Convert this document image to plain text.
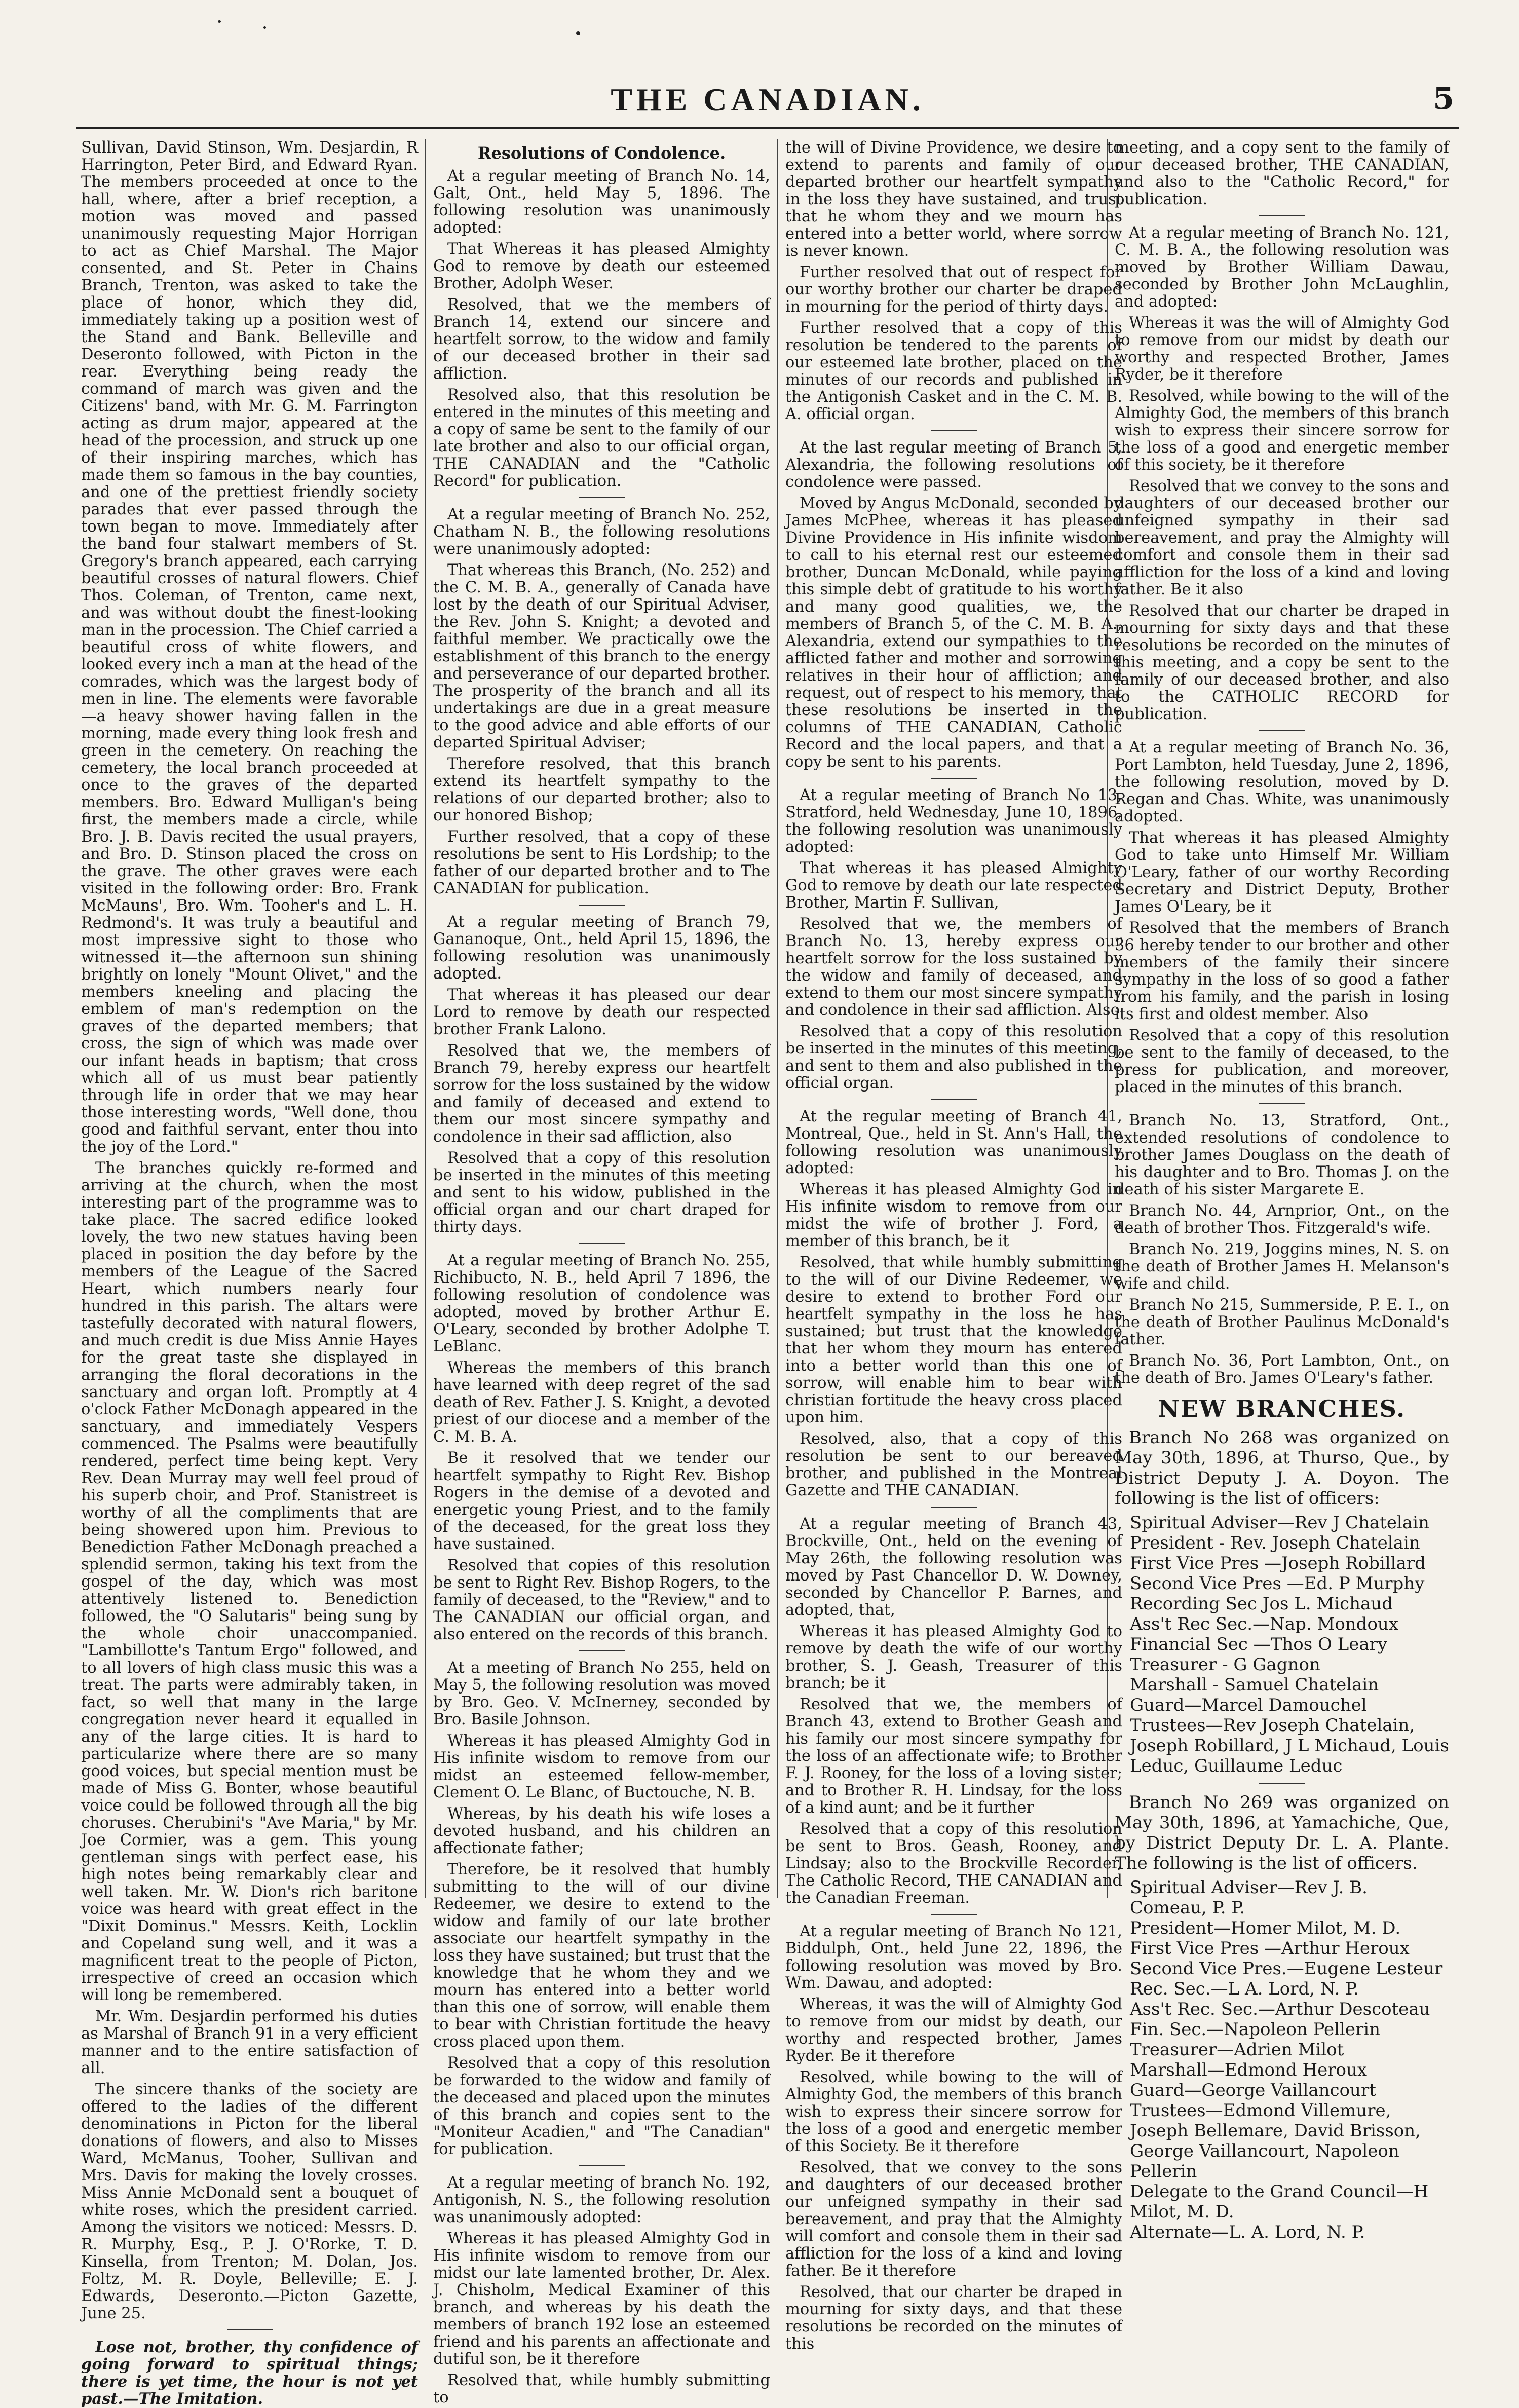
THE CANADIAN.	5

Sullivan, David Stinson, Wm. Desjardin, R Harrington, Peter Bird, and Edward Ryan. The members proceeded at once to the hall, where, after a brief reception, a motion was moved and passed unanimously requesting Major Horrigan to act as Chief Marshal. The Major consented, and St. Peter in Chains Branch, Trenton, was asked to take the place of honor, which they did, immediately taking up a position west of the Stand and Bank. Belleville and Deseronto followed, with Picton in the rear. Everything being ready the command of march was given and the Citizens' band, with Mr. G. M. Farrington acting as drum major, appeared at the head of the procession, and struck up one of their inspiring marches, which has made them so famous in the bay counties, and one of the prettiest friendly society parades that ever passed through the town began to move. Immediately after the band four stalwart members of St. Gregory's branch appeared, each carrying beautiful crosses of natural flowers. Chief Thos. Coleman, of Trenton, came next, and was without doubt the finest-looking man in the procession. The Chief carried a beautiful cross of white flowers, and looked every inch a man at the head of the comrades, which was the largest body of men in line. The elements were favorable—a heavy shower having fallen in the morning, made every thing look fresh and green in the cemetery. On reaching the cemetery, the local branch proceeded at once to the graves of the departed members. Bro. Edward Mulligan's being first, the members made a circle, while Bro. J. B. Davis recited the usual prayers, and Bro. D. Stinson placed the cross on the grave. The other graves were each visited in the following order: Bro. Frank McMauns', Bro. Wm. Tooher's and L. H. Redmond's. It was truly a beautiful and most impressive sight to those who witnessed it—the afternoon sun shining brightly on lonely "Mount Olivet," and the members kneeling and placing the emblem of man's redemption on the graves of the departed members; that cross, the sign of which was made over our infant heads in baptism; that cross which all of us must bear patiently through life in order that we may hear those interesting words, "Well done, thou good and faithful servant, enter thou into the joy of the Lord."

The branches quickly re-formed and arriving at the church, when the most interesting part of the programme was to take place. The sacred edifice looked lovely, the two new statues having been placed in position the day before by the members of the League of the Sacred Heart, which numbers nearly four hundred in this parish. The altars were tastefully decorated with natural flowers, and much credit is due Miss Annie Hayes for the great taste she displayed in arranging the floral decorations in the sanctuary and organ loft. Promptly at 4 o'clock Father McDonagh appeared in the sanctuary, and immediately Vespers commenced. The Psalms were beautifully rendered, perfect time being kept. Very Rev. Dean Murray may well feel proud of his superb choir, and Prof. Stanistreet is worthy of all the compliments that are being showered upon him. Previous to Benediction Father McDonagh preached a splendid sermon, taking his text from the gospel of the day, which was most attentively listened to. Benediction followed, the "O Salutaris" being sung by the whole choir unaccompanied. "Lambillotte's Tantum Ergo" followed, and to all lovers of high class music this was a treat. The parts were admirably taken, in fact, so well that many in the large congregation never heard it equalled in any of the large cities. It is hard to particularize where there are so many good voices, but special mention must be made of Miss G. Bonter, whose beautiful voice could be followed through all the big choruses. Cherubini's "Ave Maria," by Mr. Joe Cormier, was a gem. This young gentleman sings with perfect ease, his high notes being remarkably clear and well taken. Mr. W. Dion's rich baritone voice was heard with great effect in the "Dixit Dominus." Messrs. Keith, Locklin and Copeland sung well, and it was a magnificent treat to the people of Picton, irrespective of creed an occasion which will long be remembered.

Mr. Wm. Desjardin performed his duties as Marshal of Branch 91 in a very efficient manner and to the entire satisfaction of all.

The sincere thanks of the society are offered to the ladies of the different denominations in Picton for the liberal donations of flowers, and also to Misses Ward, McManus, Tooher, Sullivan and Mrs. Davis for making the lovely crosses. Miss Annie McDonald sent a bouquet of white roses, which the president carried. Among the visitors we noticed: Messrs. D. R. Murphy, Esq., P. J. O'Rorke, T. D. Kinsella, from Trenton; M. Dolan, Jos. Foltz, M. R. Doyle, Belleville; E. J. Edwards, Deseronto.—Picton Gazette, June 25.

Lose not, brother, thy confidence of going forward to spiritual things; there is yet time, the hour is not yet past.—The Imitation.

Resolutions of Condolence.

At a regular meeting of Branch No. 14, Galt, Ont., held May 5, 1896. The following resolution was unanimously adopted:

That Whereas it has pleased Almighty God to remove by death our esteemed Brother, Adolph Weser.

Resolved, that we the members of Branch 14, extend our sincere and heartfelt sorrow, to the widow and family of our deceased brother in their sad affliction.

Resolved also, that this resolution be entered in the minutes of this meeting and a copy of same be sent to the family of our late brother and also to our official organ, THE CANADIAN and the "Catholic Record" for publication.

At a regular meeting of Branch No. 252, Chatham N. B., the following resolutions were unanimously adopted:

That whereas this Branch, (No. 252) and the C. M. B. A., generally of Canada have lost by the death of our Spiritual Adviser, the Rev. John S. Knight; a devoted and faithful member. We practically owe the establishment of this branch to the energy and perseverance of our departed brother. The prosperity of the branch and all its undertakings are due in a great measure to the good advice and able efforts of our departed Spiritual Adviser;

Therefore resolved, that this branch extend its heartfelt sympathy to the relations of our departed brother; also to our honored Bishop;

Further resolved, that a copy of these resolutions be sent to His Lordship; to the father of our departed brother and to The CANADIAN for publication.

At a regular meeting of Branch 79, Gananoque, Ont., held April 15, 1896, the following resolution was unanimously adopted.

That whereas it has pleased our dear Lord to remove by death our respected brother Frank Lalono.

Resolved that we, the members of Branch 79, hereby express our heartfelt sorrow for the loss sustained by the widow and family of deceased and extend to them our most sincere sympathy and condolence in their sad affliction, also

Resolved that a copy of this resolution be inserted in the minutes of this meeting and sent to his widow, published in the official organ and our chart draped for thirty days.

At a regular meeting of Branch No. 255, Richibucto, N. B., held April 7 1896, the following resolution of condolence was adopted, moved by brother Arthur E. O'Leary, seconded by brother Adolphe T. LeBlanc.

Whereas the members of this branch have learned with deep regret of the sad death of Rev. Father J. S. Knight, a devoted priest of our diocese and a member of the C. M. B. A.

Be it resolved that we tender our heartfelt sympathy to Right Rev. Bishop Rogers in the demise of a devoted and energetic young Priest, and to the family of the deceased, for the great loss they have sustained.

Resolved that copies of this resolution be sent to Right Rev. Bishop Rogers, to the family of deceased, to the "Review," and to The CANADIAN our official organ, and also entered on the records of this branch.

At a meeting of Branch No 255, held on May 5, the following resolution was moved by Bro. Geo. V. McInerney, seconded by Bro. Basile Johnson.

Whereas it has pleased Almighty God in His infinite wisdom to remove from our midst an esteemed fellow-member, Clement O. Le Blanc, of Buctouche, N. B.

Whereas, by his death his wife loses a devoted husband, and his children an affectionate father;

Therefore, be it resolved that humbly submitting to the will of our divine Redeemer, we desire to extend to the widow and family of our late brother associate our heartfelt sympathy in the loss they have sustained; but trust that the knowledge that he whom they and we mourn has entered into a better world than this one of sorrow, will enable them to bear with Christian fortitude the heavy cross placed upon them.

Resolved that a copy of this resolution be forwarded to the widow and family of the deceased and placed upon the minutes of this branch and copies sent to the "Moniteur Acadien," and "The Canadian" for publication.

At a regular meeting of branch No. 192, Antigonish, N. S., the following resolution was unanimously adopted:

Whereas it has pleased Almighty God in His infinite wisdom to remove from our midst our late lamented brother, Dr. Alex. J. Chisholm, Medical Examiner of this branch, and whereas by his death the members of branch 192 lose an esteemed friend and his parents an affectionate and dutiful son, be it therefore

Resolved that, while humbly submitting to

the will of Divine Providence, we desire to extend to parents and family of our departed brother our heartfelt sympathy in the loss they have sustained, and trust that he whom they and we mourn has entered into a better world, where sorrow is never known.

Further resolved that out of respect for our worthy brother our charter be draped in mourning for the period of thirty days.

Further resolved that a copy of this resolution be tendered to the parents of our esteemed late brother, placed on the minutes of our records and published in the Antigonish Casket and in the C. M. B. A. official organ.

At the last regular meeting of Branch 5, Alexandria, the following resolutions of condolence were passed.

Moved by Angus McDonald, seconded by James McPhee, whereas it has pleased Divine Providence in His infinite wisdom to call to his eternal rest our esteemed brother, Duncan McDonald, while paying this simple debt of gratitude to his worthy and many good qualities, we, the members of Branch 5, of the C. M. B. A., Alexandria, extend our sympathies to the afflicted father and mother and sorrowing relatives in their hour of affliction; and request, out of respect to his memory, that these resolutions be inserted in the columns of THE CANADIAN, Catholic Record and the local papers, and that a copy be sent to his parents.

At a regular meeting of Branch No 13, Stratford, held Wednesday, June 10, 1896, the following resolution was unanimously adopted:

That whereas it has pleased Almighty God to remove by death our late respected Brother, Martin F. Sullivan,

Resolved that we, the members of Branch No. 13, hereby express our heartfelt sorrow for the loss sustained by the widow and family of deceased, and extend to them our most sincere sympathy and condolence in their sad affliction. Also

Resolved that a copy of this resolution be inserted in the minutes of this meeting, and sent to them and also published in the official organ.

At the regular meeting of Branch 41, Montreal, Que., held in St. Ann's Hall, the following resolution was unanimously adopted:

Whereas it has pleased Almighty God in His infinite wisdom to remove from our midst the wife of brother J. Ford, a member of this branch, be it

Resolved, that while humbly submitting to the will of our Divine Redeemer, we desire to extend to brother Ford our heartfelt sympathy in the loss he has sustained; but trust that the knowledge that her whom they mourn has entered into a better world than this one of sorrow, will enable him to bear with christian fortitude the heavy cross placed upon him.

Resolved, also, that a copy of this resolution be sent to our bereaved brother, and published in the Montreal Gazette and THE CANADIAN.

At a regular meeting of Branch 43, Brockville, Ont., held on the evening of May 26th, the following resolution was moved by Past Chancellor D. W. Downey, seconded by Chancellor P. Barnes, and adopted, that,

Whereas it has pleased Almighty God to remove by death the wife of our worthy brother, S. J. Geash, Treasurer of this branch; be it

Resolved that we, the members of Branch 43, extend to Brother Geash and his family our most sincere sympathy for the loss of an affectionate wife; to Brother F. J. Rooney, for the loss of a loving sister; and to Brother R. H. Lindsay, for the loss of a kind aunt; and be it further

Resolved that a copy of this resolution be sent to Bros. Geash, Rooney, and Lindsay; also to the Brockville Recorder, The Catholic Record, THE CANADIAN and the Canadian Freeman.

At a regular meeting of Branch No 121, Biddulph, Ont., held June 22, 1896, the following resolution was moved by Bro. Wm. Dawau, and adopted:

Whereas, it was the will of Almighty God to remove from our midst by death, our worthy and respected brother, James Ryder. Be it therefore

Resolved, while bowing to the will of Almighty God, the members of this branch wish to express their sincere sorrow for the loss of a good and energetic member of this Society. Be it therefore

Resolved, that we convey to the sons and daughters of our deceased brother our unfeigned sympathy in their sad bereavement, and pray that the Almighty will comfort and console them in their sad affliction for the loss of a kind and loving father. Be it therefore

Resolved, that our charter be draped in mourning for sixty days, and that these resolutions be recorded on the minutes of this

meeting, and a copy sent to the family of our deceased brother, THE CANADIAN, and also to the "Catholic Record," for publication.

At a regular meeting of Branch No. 121, C. M. B. A., the following resolution was moved by Brother William Dawau, seconded by Brother John McLaughlin, and adopted:

Whereas it was the will of Almighty God to remove from our midst by death our worthy and respected Brother, James Ryder, be it therefore

Resolved, while bowing to the will of the Almighty God, the members of this branch wish to express their sincere sorrow for the loss of a good and energetic member of this society, be it therefore

Resolved that we convey to the sons and daughters of our deceased brother our unfeigned sympathy in their sad bereavement, and pray the Almighty will comfort and console them in their sad affliction for the loss of a kind and loving father. Be it also

Resolved that our charter be draped in mourning for sixty days and that these resolutions be recorded on the minutes of this meeting, and a copy be sent to the family of our deceased brother, and also to the CATHOLIC RECORD for publication.

At a regular meeting of Branch No. 36, Port Lambton, held Tuesday, June 2, 1896, the following resolution, moved by D. Regan and Chas. White, was unanimously adopted.

That whereas it has pleased Almighty God to take unto Himself Mr. William O'Leary, father of our worthy Recording Secretary and District Deputy, Brother James O'Leary, be it

Resolved that the members of Branch 36 hereby tender to our brother and other members of the family their sincere sympathy in the loss of so good a father from his family, and the parish in losing its first and oldest member. Also

Resolved that a copy of this resolution be sent to the family of deceased, to the press for publication, and moreover, placed in the minutes of this branch.

Branch No. 13, Stratford, Ont., extended resolutions of condolence to brother James Douglass on the death of his daughter and to Bro. Thomas J. on the death of his sister Margarete E.

Branch No. 44, Arnprior, Ont., on the death of brother Thos. Fitzgerald's wife.

Branch No. 219, Joggins mines, N. S. on the death of Brother James H. Melanson's wife and child.

Branch No 215, Summerside, P. E. I., on the death of Brother Paulinus McDonald's father.

Branch No. 36, Port Lambton, Ont., on the death of Bro. James O'Leary's father.

NEW BRANCHES.

Branch No 268 was organized on May 30th, 1896, at Thurso, Que., by District Deputy J. A. Doyon. The following is the list of officers:

Spiritual Adviser—Rev J Chatelain
President - Rev. Joseph Chatelain
First Vice Pres —Joseph Robillard
Second Vice Pres —Ed. P Murphy
Recording Sec Jos L. Michaud
Ass't Rec Sec.—Nap. Mondoux
Financial Sec —Thos O Leary
Treasurer - G Gagnon
Marshall - Samuel Chatelain
Guard—Marcel Damouchel
Trustees—Rev Joseph Chatelain, Joseph Robillard, J L Michaud, Louis Leduc, Guillaume Leduc

Branch No 269 was organized on May 30th, 1896, at Yamachiche, Que, by District Deputy Dr. L. A. Plante. The following is the list of officers.

Spiritual Adviser—Rev J. B. Comeau, P. P.
President—Homer Milot, M. D.
First Vice Pres —Arthur Heroux
Second Vice Pres.—Eugene Lesteur
Rec. Sec.—L A. Lord, N. P.
Ass't Rec. Sec.—Arthur Descoteau
Fin. Sec.—Napoleon Pellerin
Treasurer—Adrien Milot
Marshall—Edmond Heroux
Guard—George Vaillancourt
Trustees—Edmond Villemure, Joseph Bellemare, David Brisson, George Vaillancourt, Napoleon Pellerin
Delegate to the Grand Council—H Milot, M. D.
Alternate—L. A. Lord, N. P.
